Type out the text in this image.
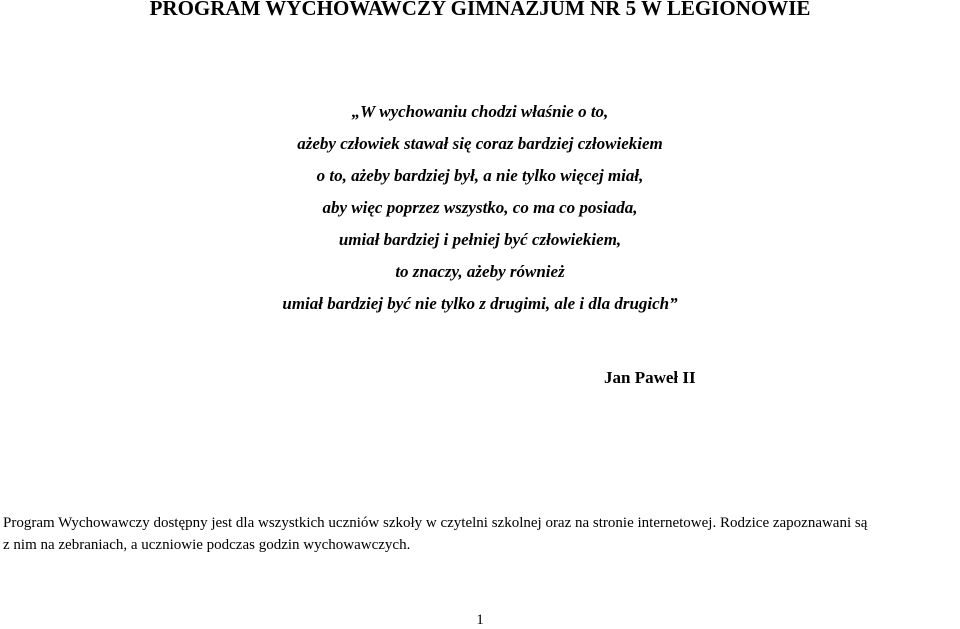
PROGRAM WYCHOWAWCZY GIMNAZJUM NR 5 W LEGIONOWIE
„W wychowaniu chodzi właśnie o to,
ażeby człowiek stawał się coraz bardziej człowiekiem
o to, ażeby bardziej był, a nie tylko więcej miał,
aby więc poprzez wszystko, co ma co posiada,
umiał bardziej i pełniej być człowiekiem,
to znaczy, ażeby również
umiał bardziej być nie tylko z drugimi, ale i dla drugich”
Jan Paweł II
Program Wychowawczy dostępny jest dla wszystkich uczniów szkoły w czytelni szkolnej oraz na stronie internetowej. Rodzice zapoznawani są
z nim na zebraniach, a uczniowie podczas godzin wychowawczych.
1
